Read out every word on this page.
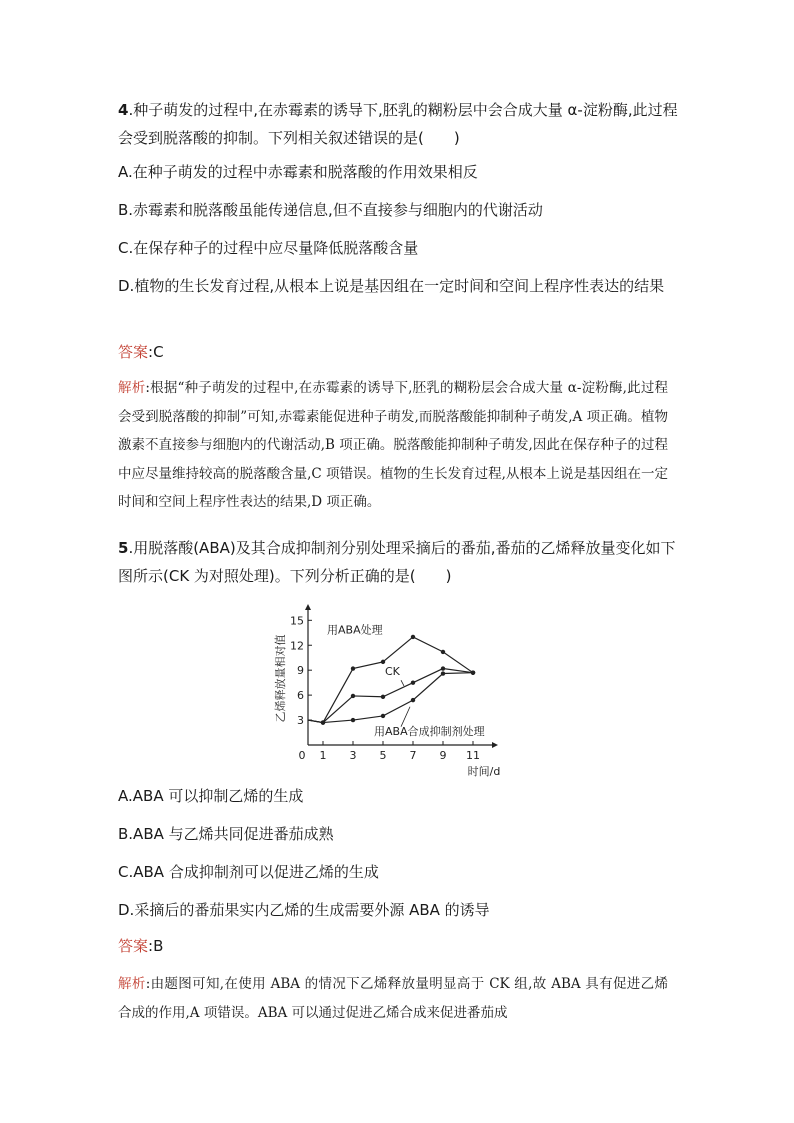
4.种子萌发的过程中,在赤霉素的诱导下,胚乳的糊粉层中会合成大量 α-淀粉酶,此过程会受到脱落酸的抑制。下列相关叙述错误的是(　　)
A.在种子萌发的过程中赤霉素和脱落酸的作用效果相反
B.赤霉素和脱落酸虽能传递信息,但不直接参与细胞内的代谢活动
C.在保存种子的过程中应尽量降低脱落酸含量
D.植物的生长发育过程,从根本上说是基因组在一定时间和空间上程序性表达的结果
答案:C
解析:根据“种子萌发的过程中,在赤霉素的诱导下,胚乳的糊粉层会合成大量 α-淀粉酶,此过程会受到脱落酸的抑制”可知,赤霉素能促进种子萌发,而脱落酸能抑制种子萌发,A 项正确。植物激素不直接参与细胞内的代谢活动,B 项正确。脱落酸能抑制种子萌发,因此在保存种子的过程中应尽量维持较高的脱落酸含量,C 项错误。植物的生长发育过程,从根本上说是基因组在一定时间和空间上程序性表达的结果,D 项正确。
5.用脱落酸(ABA)及其合成抑制剂分别处理采摘后的番茄,番茄的乙烯释放量变化如下图所示(CK 为对照处理)。下列分析正确的是(　　)
3
6
9
12
15
1 3 5 7 9 11
0
时间/d
乙烯释放量相对值
用ABA处理
CK
用ABA合成抑制剂处理
A.ABA 可以抑制乙烯的生成
B.ABA 与乙烯共同促进番茄成熟
C.ABA 合成抑制剂可以促进乙烯的生成
D.采摘后的番茄果实内乙烯的生成需要外源 ABA 的诱导
答案:B
解析:由题图可知,在使用 ABA 的情况下乙烯释放量明显高于 CK 组,故 ABA 具有促进乙烯合成的作用,A 项错误。ABA 可以通过促进乙烯合成来促进番茄成
